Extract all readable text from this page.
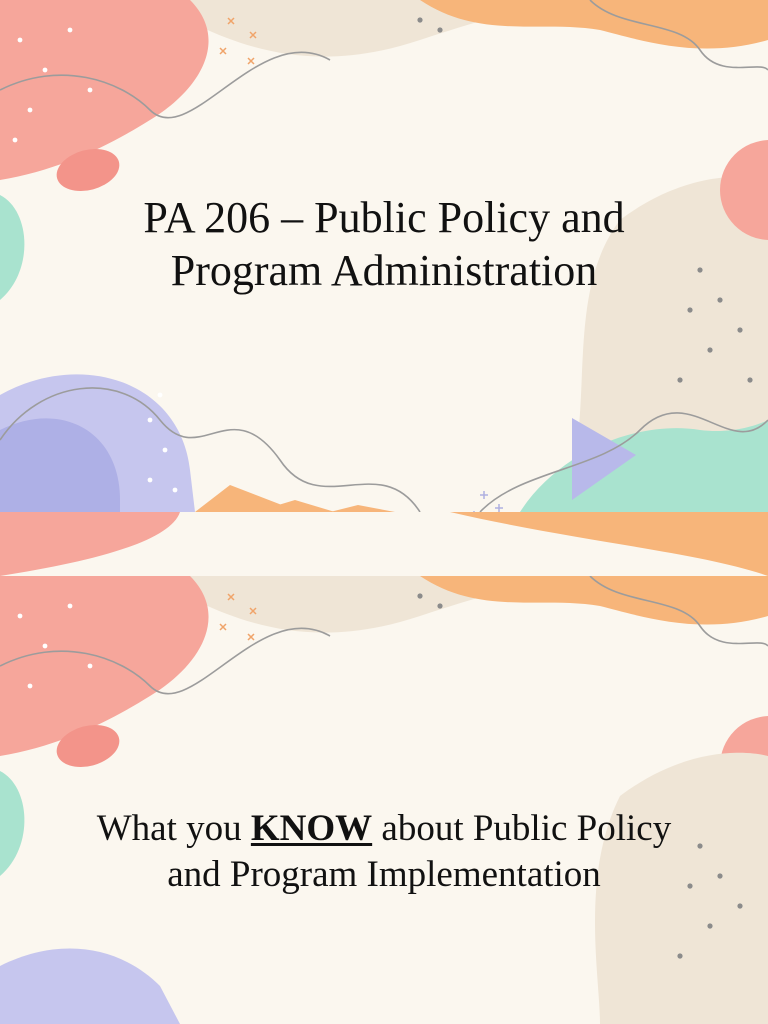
PA 206 – Public Policy and
Program Administration
What you KNOW about Public Policy
and Program Implementation
